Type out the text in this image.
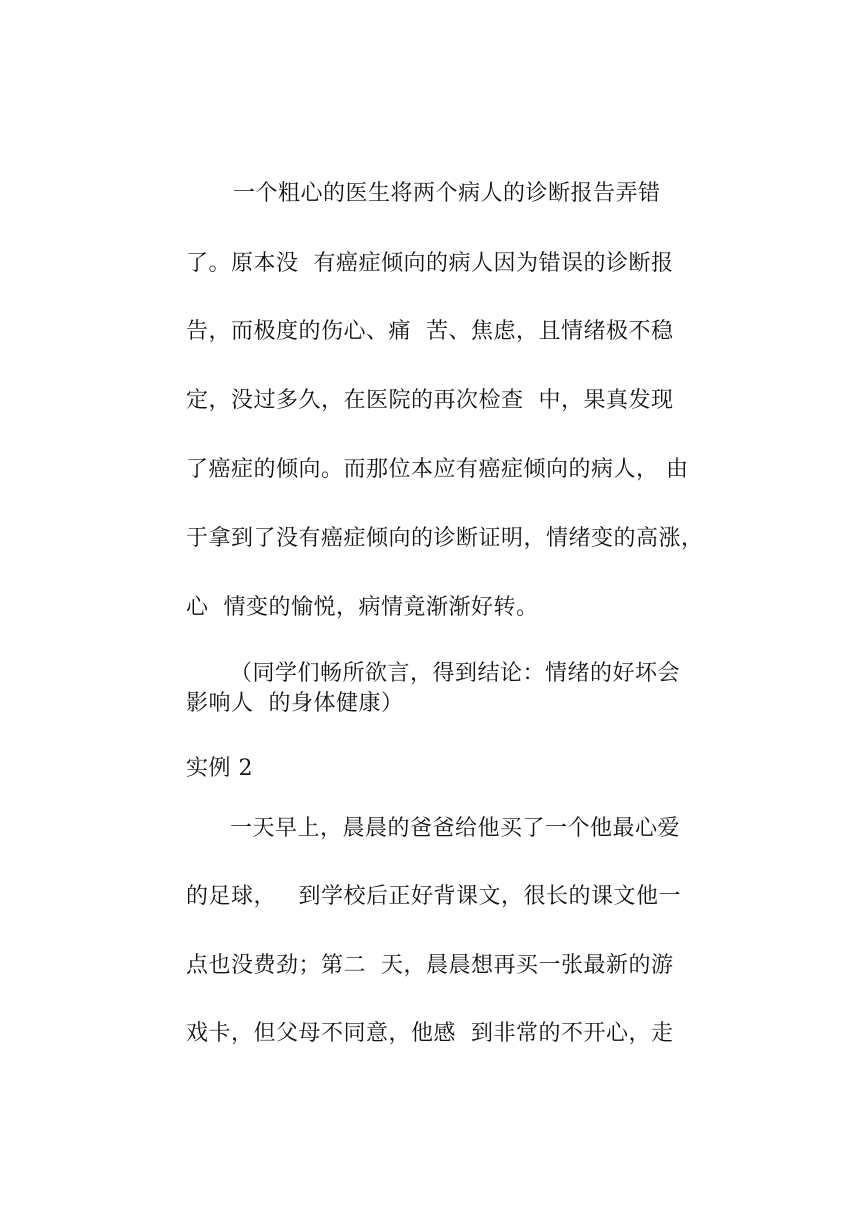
一个粗心的医生将两个病人的诊断报告弄错
了。原本没  有癌症倾向的病人因为错误的诊断报
告，而极度的伤心、痛  苦、焦虑，且情绪极不稳
定，没过多久，在医院的再次检查  中，果真发现
了癌症的倾向。而那位本应有癌症倾向的病人， 由
于拿到了没有癌症倾向的诊断证明，情绪变的高涨，
心  情变的愉悦，病情竟渐渐好转。
（同学们畅所欲言，得到结论：情绪的好坏会
影响人  的身体健康）
实例 2
一天早上，晨晨的爸爸给他买了一个他最心爱
的足球，   到学校后正好背课文，很长的课文他一
点也没费劲；第二  天，晨晨想再买一张最新的游
戏卡，但父母不同意，他感  到非常的不开心，走
